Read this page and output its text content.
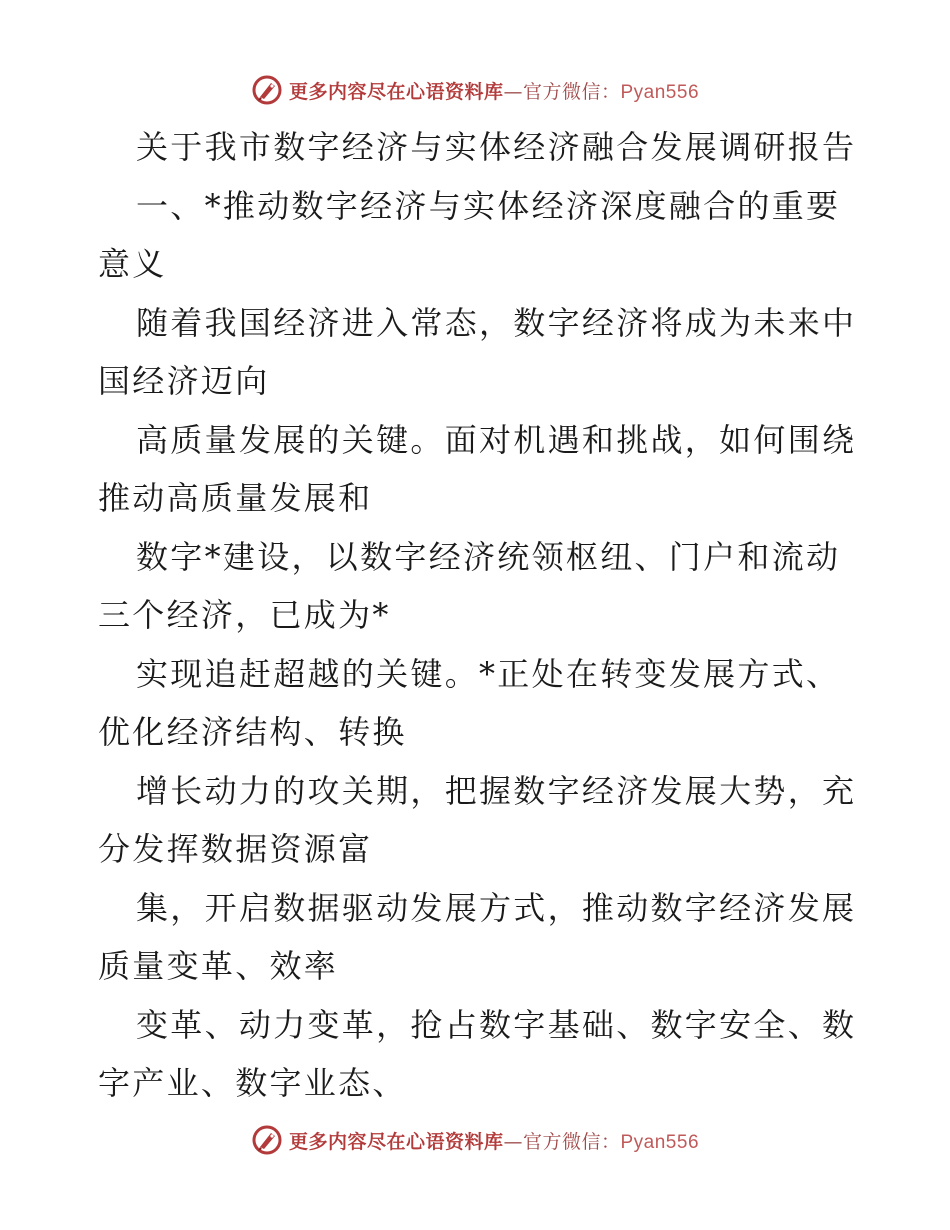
更多内容尽在心语资料库—官方微信：Pyan556
关于我市数字经济与实体经济融合发展调研报告
一、*推动数字经济与实体经济深度融合的重要
意义
随着我国经济进入常态，数字经济将成为未来中
国经济迈向
高质量发展的关键。面对机遇和挑战，如何围绕
推动高质量发展和
数字*建设，以数字经济统领枢纽、门户和流动
三个经济，已成为*
实现追赶超越的关键。*正处在转变发展方式、
优化经济结构、转换
增长动力的攻关期，把握数字经济发展大势，充
分发挥数据资源富
集，开启数据驱动发展方式，推动数字经济发展
质量变革、效率
变革、动力变革，抢占数字基础、数字安全、数
字产业、数字业态、
更多内容尽在心语资料库—官方微信：Pyan556
